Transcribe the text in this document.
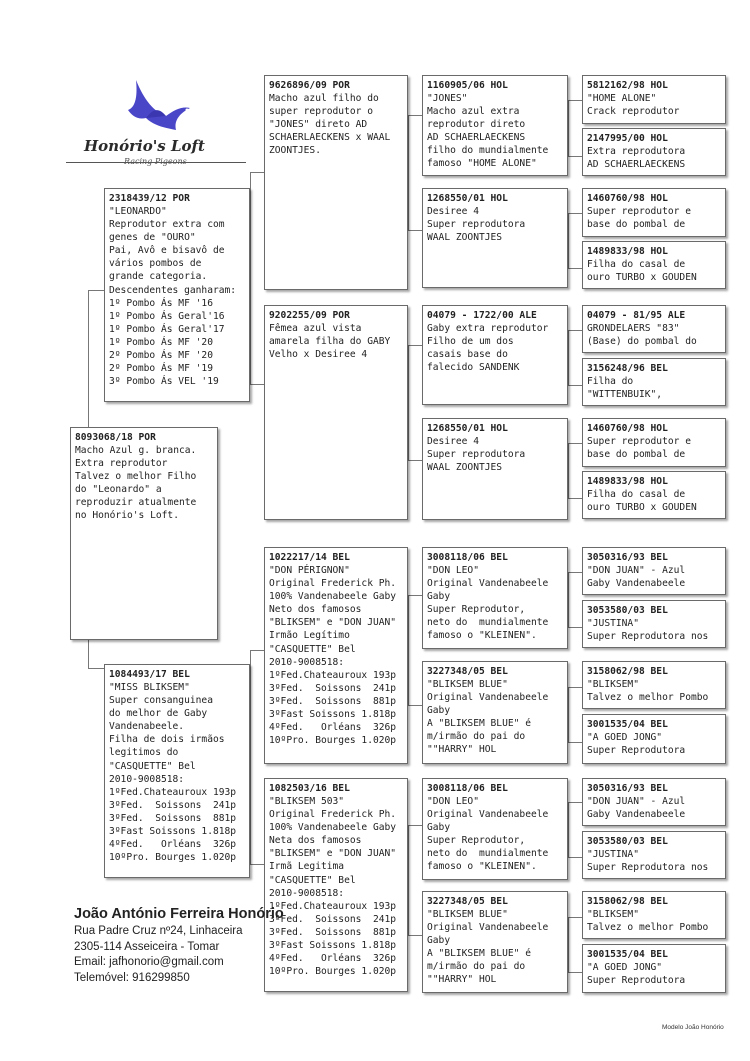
Honório's Loft
Racing Pigeons
8093068/18 POR
Macho Azul g. branca.
Extra reprodutor
Talvez o melhor Filho
do "Leonardo" a
reproduzir atualmente
no Honório's Loft.
2318439/12 POR
"LEONARDO"
Reprodutor extra com
genes de "OURO"
Pai, Avô e bisavô de
vários pombos de
grande categoria.
Descendentes ganharam:
1º Pombo Ás MF '16
1º Pombo Ás Geral'16
1º Pombo Ás Geral'17
1º Pombo Ás MF '20
2º Pombo Ás MF '20
2º Pombo Ás MF '19
3º Pombo Ás VEL '19
1084493/17 BEL
"MISS BLIKSEM"
Super consanguinea
do melhor de Gaby
Vandenabeele.
Filha de dois irmãos
legitimos do
"CASQUETTE" Bel
2010-9008518:
1ºFed.Chateauroux 193p
3ºFed.  Soissons  241p
3ºFed.  Soissons  881p
3ºFast Soissons 1.818p
4ºFed.   Orléans  326p
10ºPro. Bourges 1.020p
9626896/09 POR
Macho azul filho do
super reprodutor o
"JONES" direto AD
SCHAERLAECKENS x WAAL
ZOONTJES.
9202255/09 POR
Fêmea azul vista
amarela filha do GABY
Velho x Desiree 4
1022217/14 BEL
"DON PÉRIGNON"
Original Frederick Ph.
100% Vandenabeele Gaby
Neto dos famosos
"BLIKSEM" e "DON JUAN"
Irmão Legítimo
"CASQUETTE" Bel
2010-9008518:
1ºFed.Chateauroux 193p
3ºFed.  Soissons  241p
3ºFed.  Soissons  881p
3ºFast Soissons 1.818p
4ºFed.   Orléans  326p
10ºPro. Bourges 1.020p
1082503/16 BEL
"BLIKSEM 503"
Original Frederick Ph.
100% Vandenabeele Gaby
Neta dos famosos
"BLIKSEM" e "DON JUAN"
Irmã Legitima
"CASQUETTE" Bel
2010-9008518:
1ºFed.Chateauroux 193p
3ºFed.  Soissons  241p
3ºFed.  Soissons  881p
3ºFast Soissons 1.818p
4ºFed.   Orléans  326p
10ºPro. Bourges 1.020p
1160905/06 HOL
"JONES"
Macho azul extra
reprodutor direto
AD SCHAERLAECKENS
filho do mundialmente
famoso "HOME ALONE"
1268550/01 HOL
Desiree 4
Super reprodutora
WAAL ZOONTJES
04079 - 1722/00 ALE
Gaby extra reprodutor
Filho de um dos
casais base do
falecido SANDENK
1268550/01 HOL
Desiree 4
Super reprodutora
WAAL ZOONTJES
3008118/06 BEL
"DON LEO"
Original Vandenabeele
Gaby
Super Reprodutor,
neto do  mundialmente
famoso o "KLEINEN".
3227348/05 BEL
"BLIKSEM BLUE"
Original Vandenabeele
Gaby
A "BLIKSEM BLUE" é
m/irmão do pai do
""HARRY" HOL
3008118/06 BEL
"DON LEO"
Original Vandenabeele
Gaby
Super Reprodutor,
neto do  mundialmente
famoso o "KLEINEN".
3227348/05 BEL
"BLIKSEM BLUE"
Original Vandenabeele
Gaby
A "BLIKSEM BLUE" é
m/irmão do pai do
""HARRY" HOL
5812162/98 HOL
"HOME ALONE"
Crack reprodutor
2147995/00 HOL
Extra reprodutora
AD SCHAERLAECKENS
1460760/98 HOL
Super reprodutor e
base do pombal de
1489833/98 HOL
Filha do casal de
ouro TURBO x GOUDEN
04079 - 81/95 ALE
GRONDELAERS "83"
(Base) do pombal do
3156248/96 BEL
Filha do
"WITTENBUIK",
1460760/98 HOL
Super reprodutor e
base do pombal de
1489833/98 HOL
Filha do casal de
ouro TURBO x GOUDEN
3050316/93 BEL
"DON JUAN" - Azul
Gaby Vandenabeele
3053580/03 BEL
"JUSTINA"
Super Reprodutora nos
3158062/98 BEL
"BLIKSEM"
Talvez o melhor Pombo
3001535/04 BEL
"A GOED JONG"
Super Reprodutora
3050316/93 BEL
"DON JUAN" - Azul
Gaby Vandenabeele
3053580/03 BEL
"JUSTINA"
Super Reprodutora nos
3158062/98 BEL
"BLIKSEM"
Talvez o melhor Pombo
3001535/04 BEL
"A GOED JONG"
Super Reprodutora
João António Ferreira Honório
Rua Padre Cruz nº24, Linhaceira
2305-114 Asseiceira - Tomar
Email: jafhonorio@gmail.com
Telemóvel: 916299850
Modelo João Honório
